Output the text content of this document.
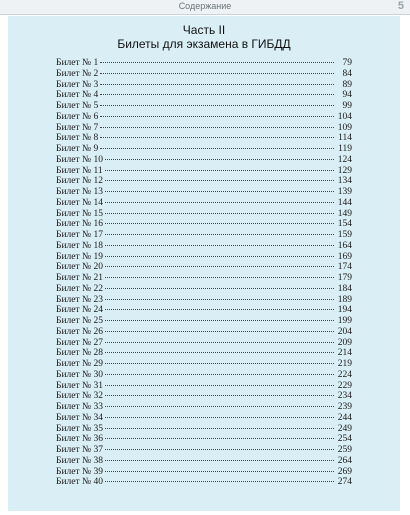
Содержание	5
Часть II
Билеты для экзамена в ГИБДД
Билет № 1	79
Билет № 2	84
Билет № 3	89
Билет № 4	94
Билет № 5	99
Билет № 6	104
Билет № 7	109
Билет № 8	114
Билет № 9	119
Билет № 10	124
Билет № 11	129
Билет № 12	134
Билет № 13	139
Билет № 14	144
Билет № 15	149
Билет № 16	154
Билет № 17	159
Билет № 18	164
Билет № 19	169
Билет № 20	174
Билет № 21	179
Билет № 22	184
Билет № 23	189
Билет № 24	194
Билет № 25	199
Билет № 26	204
Билет № 27	209
Билет № 28	214
Билет № 29	219
Билет № 30	224
Билет № 31	229
Билет № 32	234
Билет № 33	239
Билет № 34	244
Билет № 35	249
Билет № 36	254
Билет № 37	259
Билет № 38	264
Билет № 39	269
Билет № 40	274
